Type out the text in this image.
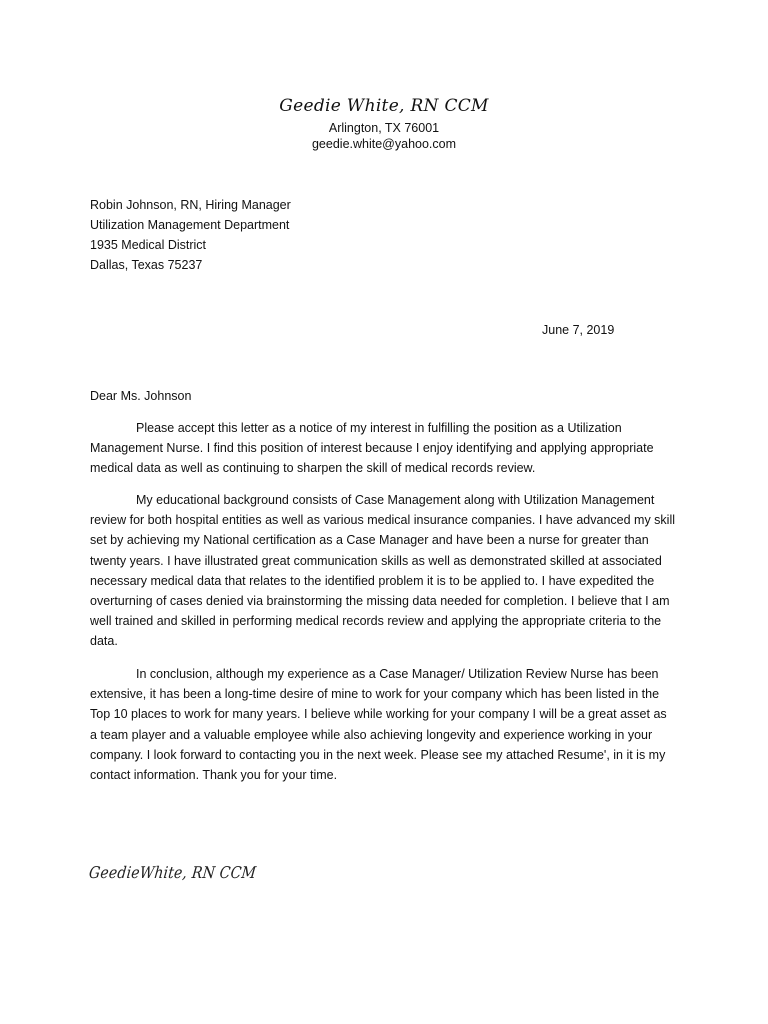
Geedie White, RN CCM
Arlington, TX 76001
geedie.white@yahoo.com
Robin Johnson, RN, Hiring Manager
Utilization Management Department
1935 Medical District
Dallas, Texas 75237
June 7, 2019
Dear Ms. Johnson

Please accept this letter as a notice of my interest in fulfilling the position as a Utilization Management Nurse. I find this position of interest because I enjoy identifying and applying appropriate medical data as well as continuing to sharpen the skill of medical records review.

My educational background consists of Case Management along with Utilization Management review for both hospital entities as well as various medical insurance companies. I have advanced my skill set by achieving my National certification as a Case Manager and have been a nurse for greater than twenty years. I have illustrated great communication skills as well as demonstrated skilled at associated necessary medical data that relates to the identified problem it is to be applied to. I have expedited the overturning of cases denied via brainstorming the missing data needed for completion. I believe that I am well trained and skilled in performing medical records review and applying the appropriate criteria to the data.

In conclusion, although my experience as a Case Manager/ Utilization Review Nurse has been extensive, it has been a long-time desire of mine to work for your company which has been listed in the Top 10 places to work for many years. I believe while working for your company I will be a great asset as a team player and a valuable employee while also achieving longevity and experience working in your company. I look forward to contacting you in the next week. Please see my attached Resume', in it is my contact information. Thank you for your time.

GeedieWhite, RN CCM
